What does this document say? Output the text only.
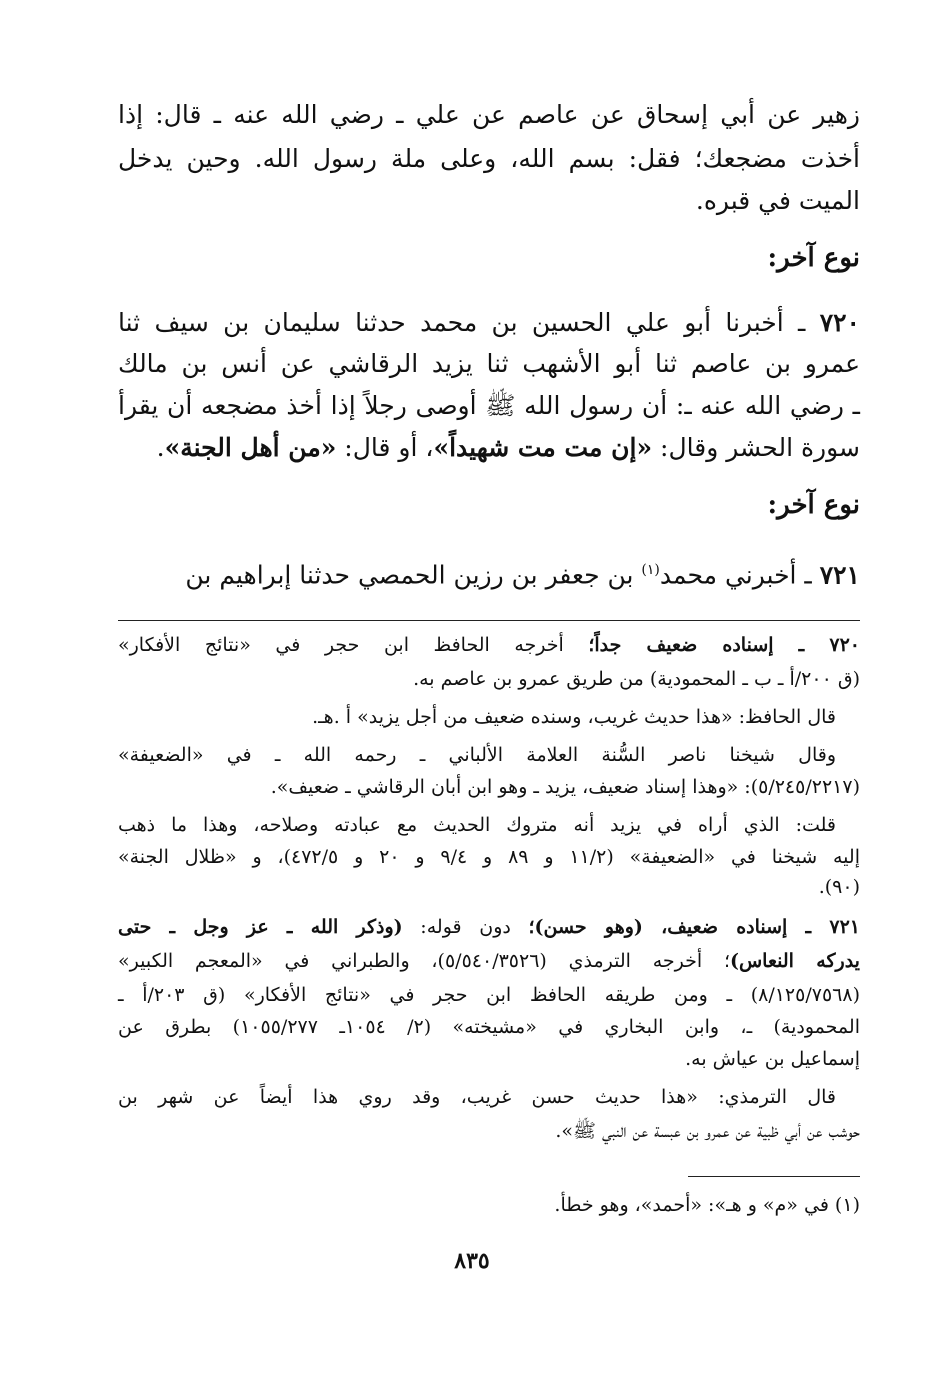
زهير عن أبي إسحاق عن عاصم عن علي ـ رضي الله عنه ـ قال: إذا
أخذت مضجعك؛ فقل: بسم الله، وعلى ملة رسول الله. وحين يدخل
الميت في قبره.
نوع آخر:
٧٢٠ ـ أخبرنا أبو علي الحسين بن محمد حدثنا سليمان بن سيف ثنا
عمرو بن عاصم ثنا أبو الأشهب ثنا يزيد الرقاشي عن أنس بن مالك
ـ رضي الله عنه ـ: أن رسول الله ﷺ أوصى رجلاً إذا أخذ مضجعه أن يقرأ
سورة الحشر وقال: «إن مت مت شهيداً»، أو قال: «من أهل الجنة».
نوع آخر:
٧٢١ ـ أخبرني محمد$^{(١)}$ بن جعفر بن رزين الحمصي حدثنا إبراهيم بن
٧٢٠ ـ إسناده ضعيف جداً؛ أخرجه الحافظ ابن حجر في «نتائج الأفكار»
(ق ٢٠٠/أ ـ ب ـ المحمودية) من طريق عمرو بن عاصم به.
قال الحافظ: «هذا حديث غريب، وسنده ضعيف من أجل يزيد» أ .هـ.
وقال شيخنا ناصر السُّنة العلامة الألباني ـ رحمه الله ـ في «الضعيفة»
(٥/٢٤٥/٢٢١٧): «وهذا إسناد ضعيف، يزيد ـ وهو ابن أبان الرقاشي ـ ضعيف».
قلت: الذي أراه في يزيد أنه متروك الحديث مع عبادته وصلاحه، وهذا ما ذهب
إليه شيخنا في «الضعيفة» (١١/٢ و ٨٩ و ٩/٤ و ٢٠ و ٤٧٢/٥)، و «ظلال الجنة»
(٩٠).
٧٢١ ـ إسناده ضعيف، (وهو حسن)؛ دون قوله: (وذكر الله ـ عز وجل ـ حتى
يدركه النعاس)؛ أخرجه الترمذي (٥/٥٤٠/٣٥٢٦)، والطبراني في «المعجم الكبير»
(٨/١٢٥/٧٥٦٨) ـ ومن طريقه الحافظ ابن حجر في «نتائج الأفكار» (ق ٢٠٣/أ ـ
المحمودية) ـ، وابن البخاري في «مشيخته» (٢/ ١٠٥٤ـ ١٠٥٥/٢٧٧) بطرق عن
إسماعيل بن عياش به.
قال الترمذي: «هذا حديث حسن غريب، وقد روي هذا أيضاً عن شهر بن
حوشب عن أبي ظبية عن عمرو بن عبسة عن النبي ﷺ».
(١) في «م» و هـ»: «أحمد»، وهو خطأ.
٨٣٥
